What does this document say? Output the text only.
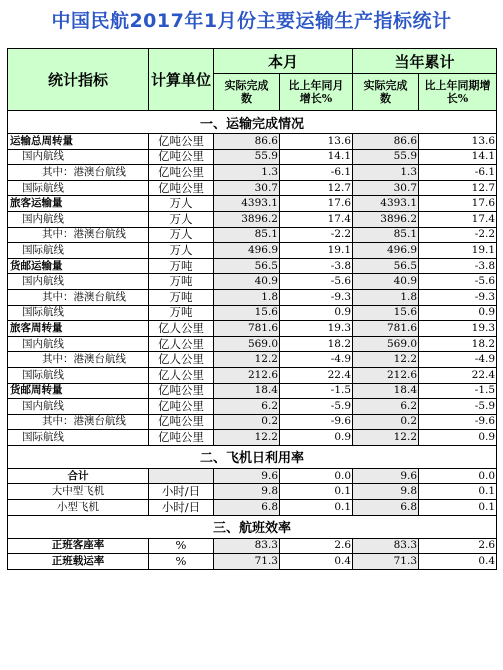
中国民航2017年1月份主要运输生产指标统计
统计指标	计算单位	本月		当年累计	
		实际完成数	比上年同月增长%	实际完成数	比上年同期增长%
一、运输完成情况					
运输总周转量	亿吨公里	86.6	13.6	86.6	13.6
国内航线	亿吨公里	55.9	14.1	55.9	14.1
其中：港澳台航线	亿吨公里	1.3	-6.1	1.3	-6.1
国际航线	亿吨公里	30.7	12.7	30.7	12.7
旅客运输量	万人	4393.1	17.6	4393.1	17.6
国内航线	万人	3896.2	17.4	3896.2	17.4
其中：港澳台航线	万人	85.1	-2.2	85.1	-2.2
国际航线	万人	496.9	19.1	496.9	19.1
货邮运输量	万吨	56.5	-3.8	56.5	-3.8
国内航线	万吨	40.9	-5.6	40.9	-5.6
其中：港澳台航线	万吨	1.8	-9.3	1.8	-9.3
国际航线	万吨	15.6	0.9	15.6	0.9
旅客周转量	亿人公里	781.6	19.3	781.6	19.3
国内航线	亿人公里	569.0	18.2	569.0	18.2
其中：港澳台航线	亿人公里	12.2	-4.9	12.2	-4.9
国际航线	亿人公里	212.6	22.4	212.6	22.4
货邮周转量	亿吨公里	18.4	-1.5	18.4	-1.5
国内航线	亿吨公里	6.2	-5.9	6.2	-5.9
其中：港澳台航线	亿吨公里	0.2	-9.6	0.2	-9.6
国际航线	亿吨公里	12.2	0.9	12.2	0.9
二、飞机日利用率					
合计		9.6	0.0	9.6	0.0
大中型飞机	小时/日	9.8	0.1	9.8	0.1
小型飞机	小时/日	6.8	0.1	6.8	0.1
三、航班效率					
正班客座率	%	83.3	2.6	83.3	2.6
正班载运率	%	71.3	0.4	71.3	0.4
